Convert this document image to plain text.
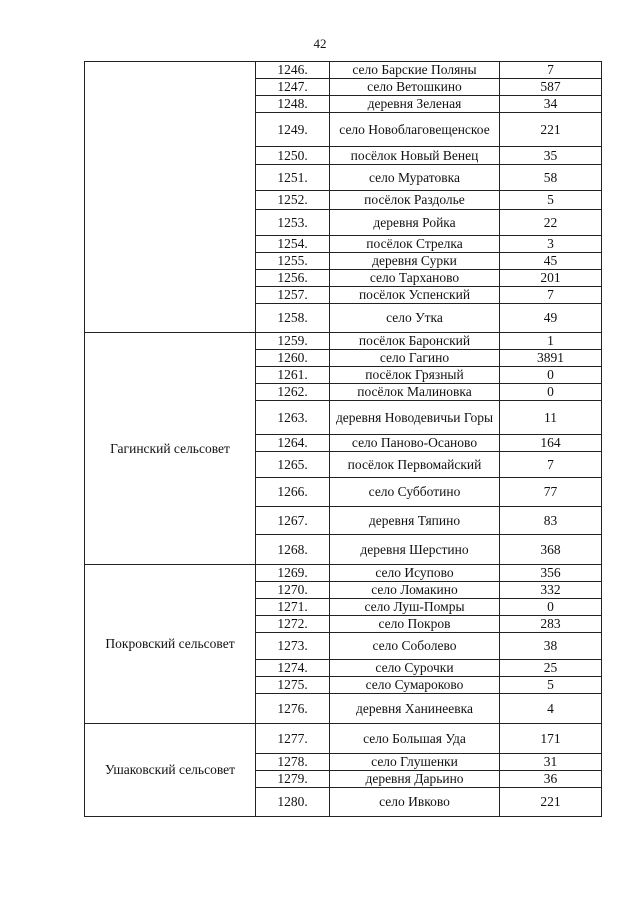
42
	1246.	село Барские Поляны	7
	1247.	село Ветошкино	587
	1248.	деревня Зеленая	34
	1249.	село Новоблаговещенское	221
	1250.	посёлок Новый Венец	35
	1251.	село Муратовка	58
	1252.	посёлок Раздолье	5
	1253.	деревня Ройка	22
	1254.	посёлок Стрелка	3
	1255.	деревня Сурки	45
	1256.	село Тарханово	201
	1257.	посёлок Успенский	7
	1258.	село Утка	49
Гагинский сельсовет	1259.	посёлок Баронский	1
	1260.	село Гагино	3891
	1261.	посёлок Грязный	0
	1262.	посёлок Малиновка	0
	1263.	деревня Новодевичьи Горы	11
	1264.	село Паново-Осаново	164
	1265.	посёлок Первомайский	7
	1266.	село Субботино	77
	1267.	деревня Тяпино	83
	1268.	деревня Шерстино	368
Покровский сельсовет	1269.	село Исупово	356
	1270.	село Ломакино	332
	1271.	село Луш-Помры	0
	1272.	село Покров	283
	1273.	село Соболево	38
	1274.	село Сурочки	25
	1275.	село Сумароково	5
	1276.	деревня Ханинеевка	4
Ушаковский сельсовет	1277.	село Большая Уда	171
	1278.	село Глушенки	31
	1279.	деревня Дарьино	36
	1280.	село Ивково	221
